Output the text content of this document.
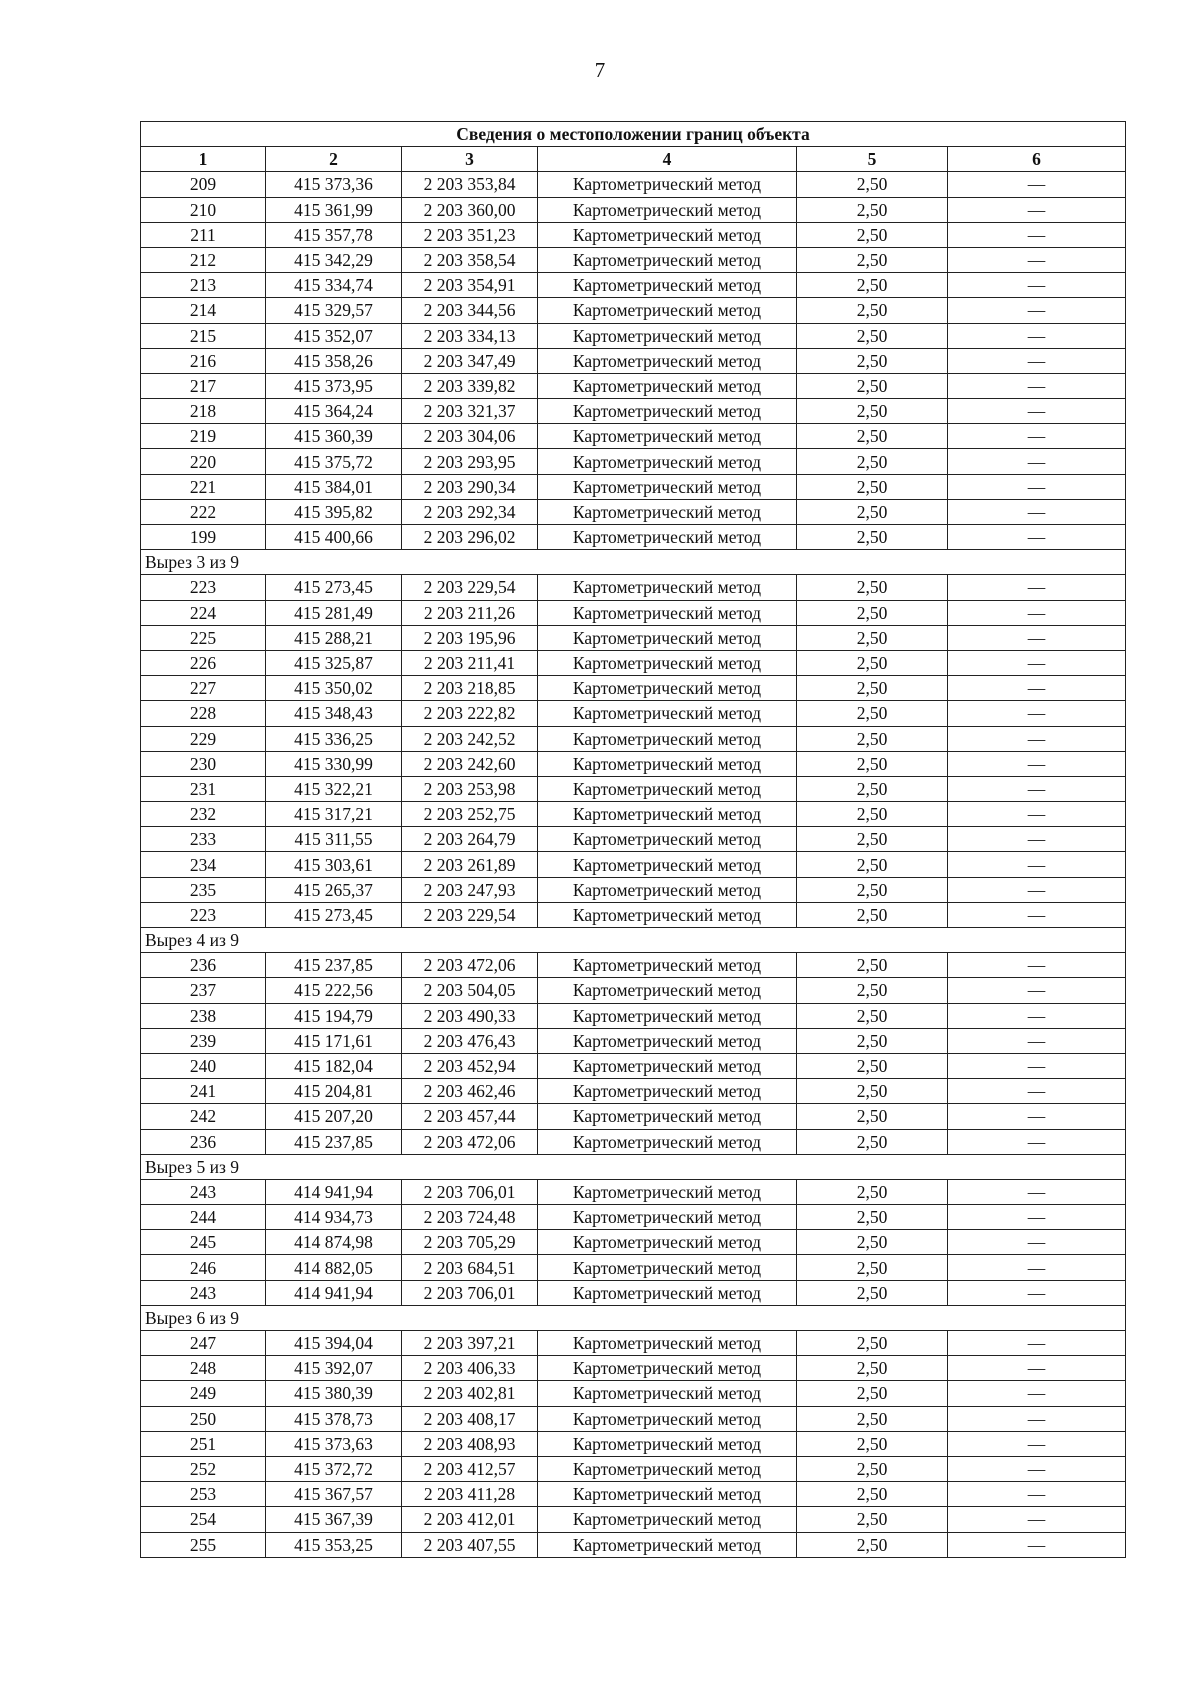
7
Сведения о местоположении границ объекта					
1	2	3	4	5	6
209	415 373,36	2 203 353,84	Картометрический метод	2,50	—
210	415 361,99	2 203 360,00	Картометрический метод	2,50	—
211	415 357,78	2 203 351,23	Картометрический метод	2,50	—
212	415 342,29	2 203 358,54	Картометрический метод	2,50	—
213	415 334,74	2 203 354,91	Картометрический метод	2,50	—
214	415 329,57	2 203 344,56	Картометрический метод	2,50	—
215	415 352,07	2 203 334,13	Картометрический метод	2,50	—
216	415 358,26	2 203 347,49	Картометрический метод	2,50	—
217	415 373,95	2 203 339,82	Картометрический метод	2,50	—
218	415 364,24	2 203 321,37	Картометрический метод	2,50	—
219	415 360,39	2 203 304,06	Картометрический метод	2,50	—
220	415 375,72	2 203 293,95	Картометрический метод	2,50	—
221	415 384,01	2 203 290,34	Картометрический метод	2,50	—
222	415 395,82	2 203 292,34	Картометрический метод	2,50	—
199	415 400,66	2 203 296,02	Картометрический метод	2,50	—
Вырез 3 из 9					
223	415 273,45	2 203 229,54	Картометрический метод	2,50	—
224	415 281,49	2 203 211,26	Картометрический метод	2,50	—
225	415 288,21	2 203 195,96	Картометрический метод	2,50	—
226	415 325,87	2 203 211,41	Картометрический метод	2,50	—
227	415 350,02	2 203 218,85	Картометрический метод	2,50	—
228	415 348,43	2 203 222,82	Картометрический метод	2,50	—
229	415 336,25	2 203 242,52	Картометрический метод	2,50	—
230	415 330,99	2 203 242,60	Картометрический метод	2,50	—
231	415 322,21	2 203 253,98	Картометрический метод	2,50	—
232	415 317,21	2 203 252,75	Картометрический метод	2,50	—
233	415 311,55	2 203 264,79	Картометрический метод	2,50	—
234	415 303,61	2 203 261,89	Картометрический метод	2,50	—
235	415 265,37	2 203 247,93	Картометрический метод	2,50	—
223	415 273,45	2 203 229,54	Картометрический метод	2,50	—
Вырез 4 из 9					
236	415 237,85	2 203 472,06	Картометрический метод	2,50	—
237	415 222,56	2 203 504,05	Картометрический метод	2,50	—
238	415 194,79	2 203 490,33	Картометрический метод	2,50	—
239	415 171,61	2 203 476,43	Картометрический метод	2,50	—
240	415 182,04	2 203 452,94	Картометрический метод	2,50	—
241	415 204,81	2 203 462,46	Картометрический метод	2,50	—
242	415 207,20	2 203 457,44	Картометрический метод	2,50	—
236	415 237,85	2 203 472,06	Картометрический метод	2,50	—
Вырез 5 из 9					
243	414 941,94	2 203 706,01	Картометрический метод	2,50	—
244	414 934,73	2 203 724,48	Картометрический метод	2,50	—
245	414 874,98	2 203 705,29	Картометрический метод	2,50	—
246	414 882,05	2 203 684,51	Картометрический метод	2,50	—
243	414 941,94	2 203 706,01	Картометрический метод	2,50	—
Вырез 6 из 9					
247	415 394,04	2 203 397,21	Картометрический метод	2,50	—
248	415 392,07	2 203 406,33	Картометрический метод	2,50	—
249	415 380,39	2 203 402,81	Картометрический метод	2,50	—
250	415 378,73	2 203 408,17	Картометрический метод	2,50	—
251	415 373,63	2 203 408,93	Картометрический метод	2,50	—
252	415 372,72	2 203 412,57	Картометрический метод	2,50	—
253	415 367,57	2 203 411,28	Картометрический метод	2,50	—
254	415 367,39	2 203 412,01	Картометрический метод	2,50	—
255	415 353,25	2 203 407,55	Картометрический метод	2,50	—
